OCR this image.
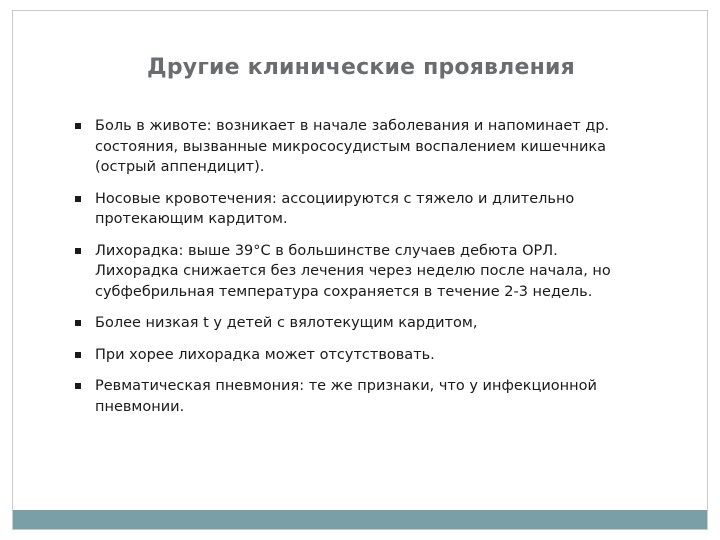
Другие клинические проявления
Боль в животе: возникает в начале заболевания и напоминает др. состояния, вызванные микрососудистым воспалением кишечника (острый аппендицит).
Носовые кровотечения: ассоциируются с тяжело и длительно протекающим кардитом.
Лихорадка: выше 39°С в большинстве случаев дебюта ОРЛ. Лихорадка снижается без лечения через неделю после начала, но субфебрильная температура сохраняется в течение 2-3 недель.
Более низкая t у детей с вялотекущим кардитом,
При хорее лихорадка может отсутствовать.
Ревматическая пневмония: те же признаки, что у инфекционной пневмонии.
